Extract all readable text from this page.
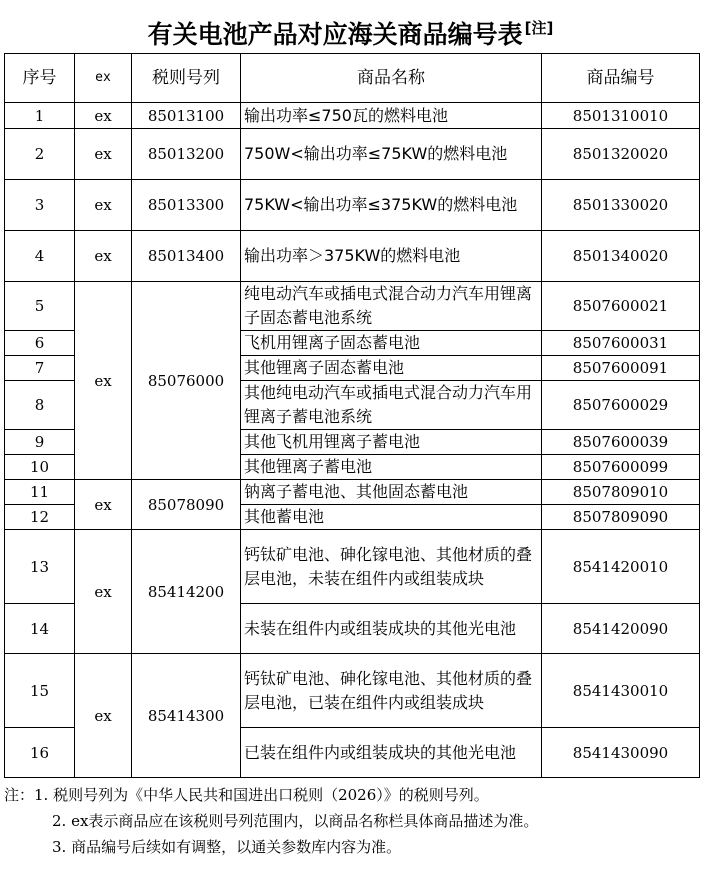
有关电池产品对应海关商品编号表 [注]
序号	ex	税则号列	商品名称	商品编号
1	ex	85013100	输出功率≤750瓦的燃料电池	8501310010
2	ex	85013200	750W<输出功率≤75KW的燃料电池	8501320020
3	ex	85013300	75KW<输出功率≤375KW的燃料电池	8501330020
4	ex	85013400	输出功率＞375KW的燃料电池	8501340020
5	ex	85076000	纯电动汽车或插电式混合动力汽车用锂离子固态蓄电池系统	8507600021
6			飞机用锂离子固态蓄电池	8507600031
7			其他锂离子固态蓄电池	8507600091
8			其他纯电动汽车或插电式混合动力汽车用锂离子蓄电池系统	8507600029
9			其他飞机用锂离子蓄电池	8507600039
10			其他锂离子蓄电池	8507600099
11	ex	85078090	钠离子蓄电池、其他固态蓄电池	8507809010
12			其他蓄电池	8507809090
13	ex	85414200	钙钛矿电池、砷化镓电池、其他材质的叠层电池，未装在组件内或组装成块	8541420010
14			未装在组件内或组装成块的其他光电池	8541420090
15	ex	85414300	钙钛矿电池、砷化镓电池、其他材质的叠层电池，已装在组件内或组装成块	8541430010
16			已装在组件内或组装成块的其他光电池	8541430090
注：1. 税则号列为《中华人民共和国进出口税则（2026）》的税则号列。
2. ex表示商品应在该税则号列范围内，以商品名称栏具体商品描述为准。
3. 商品编号后续如有调整，以通关参数库内容为准。
